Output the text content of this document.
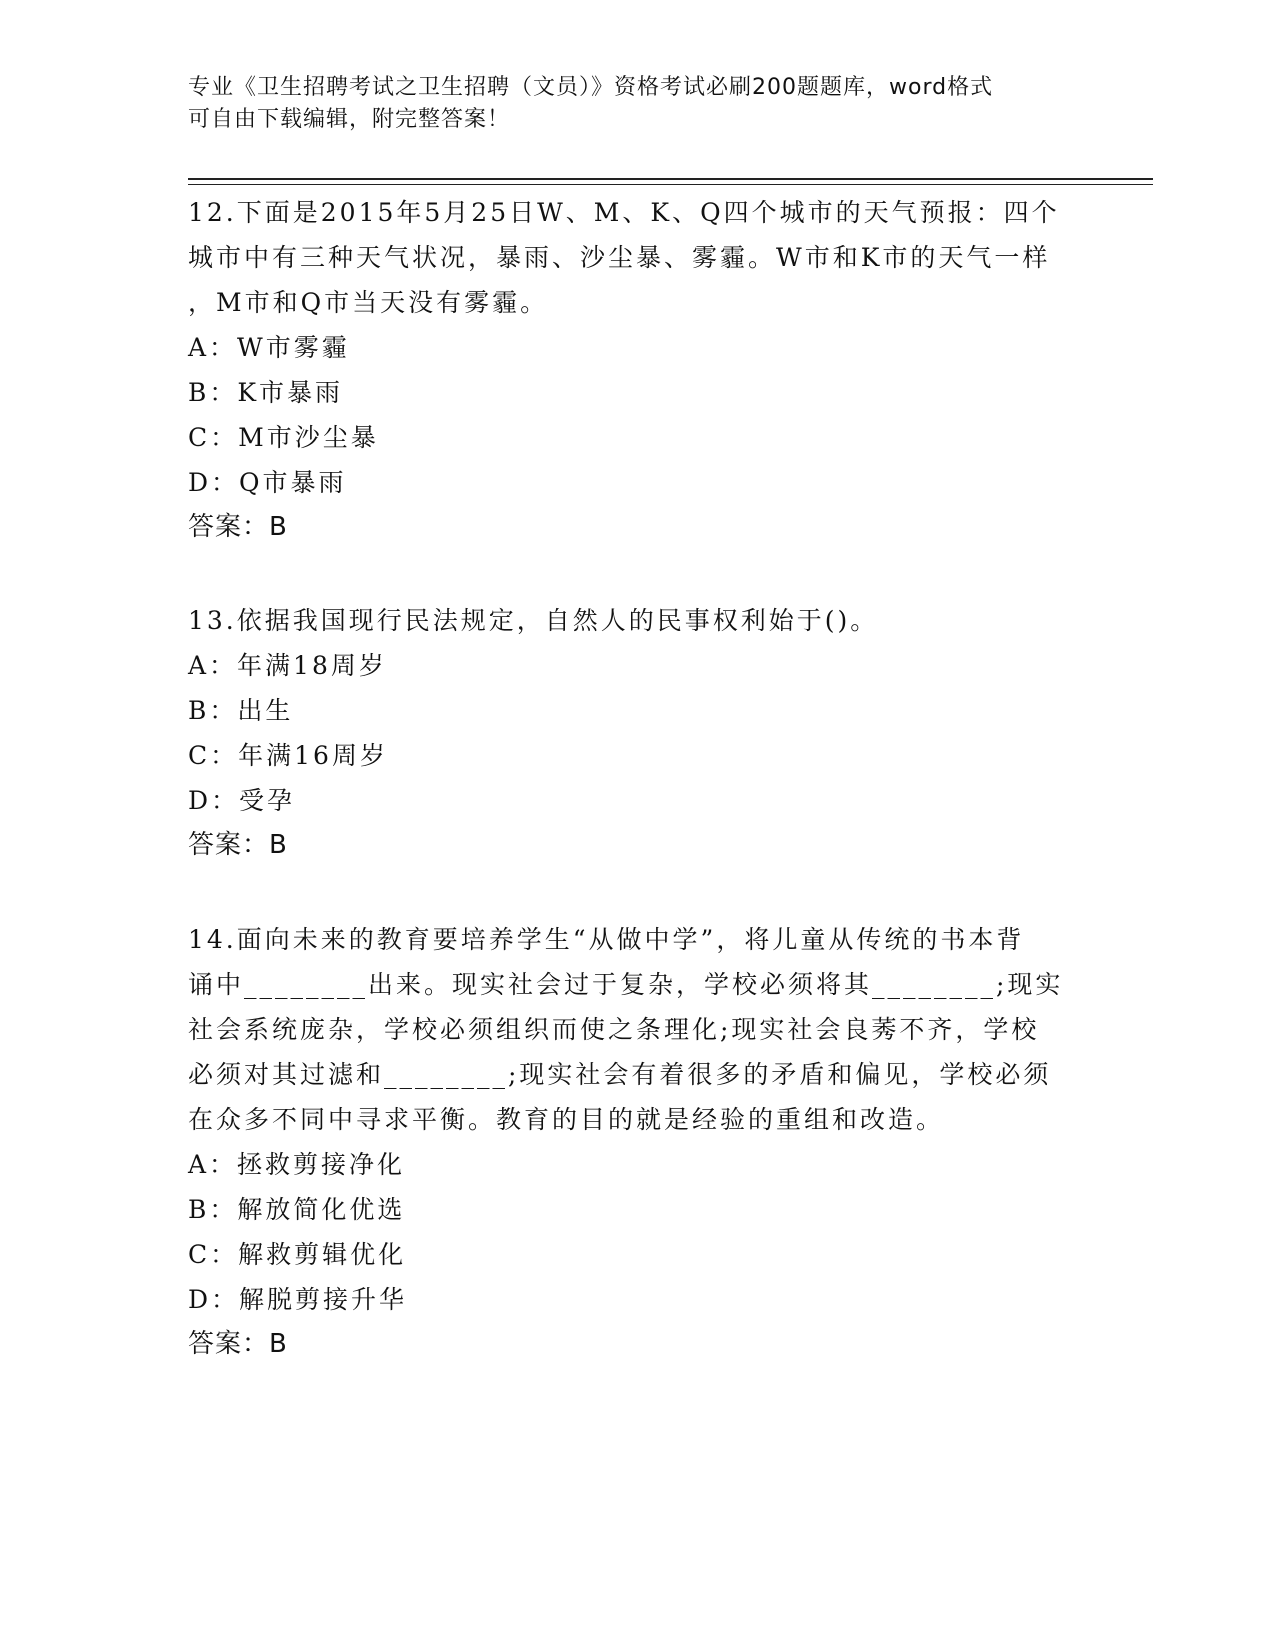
专业《卫生招聘考试之卫生招聘（文员）》资格考试必刷200题题库，word格式
可自由下载编辑，附完整答案！
12.下面是2015年5月25日W、M、K、Q四个城市的天气预报：四个
城市中有三种天气状况，暴雨、沙尘暴、雾霾。W市和K市的天气一样
，M市和Q市当天没有雾霾。
A：W市雾霾
B：K市暴雨
C：M市沙尘暴
D：Q市暴雨
答案：B
13.依据我国现行民法规定，自然人的民事权利始于()。
A：年满18周岁
B：出生
C：年满16周岁
D：受孕
答案：B
14.面向未来的教育要培养学生“从做中学”，将儿童从传统的书本背
诵中________出来。现实社会过于复杂，学校必须将其________;现实
社会系统庞杂，学校必须组织而使之条理化;现实社会良莠不齐，学校
必须对其过滤和________;现实社会有着很多的矛盾和偏见，学校必须
在众多不同中寻求平衡。教育的目的就是经验的重组和改造。
A：拯救剪接净化
B：解放简化优选
C：解救剪辑优化
D：解脱剪接升华
答案：B
